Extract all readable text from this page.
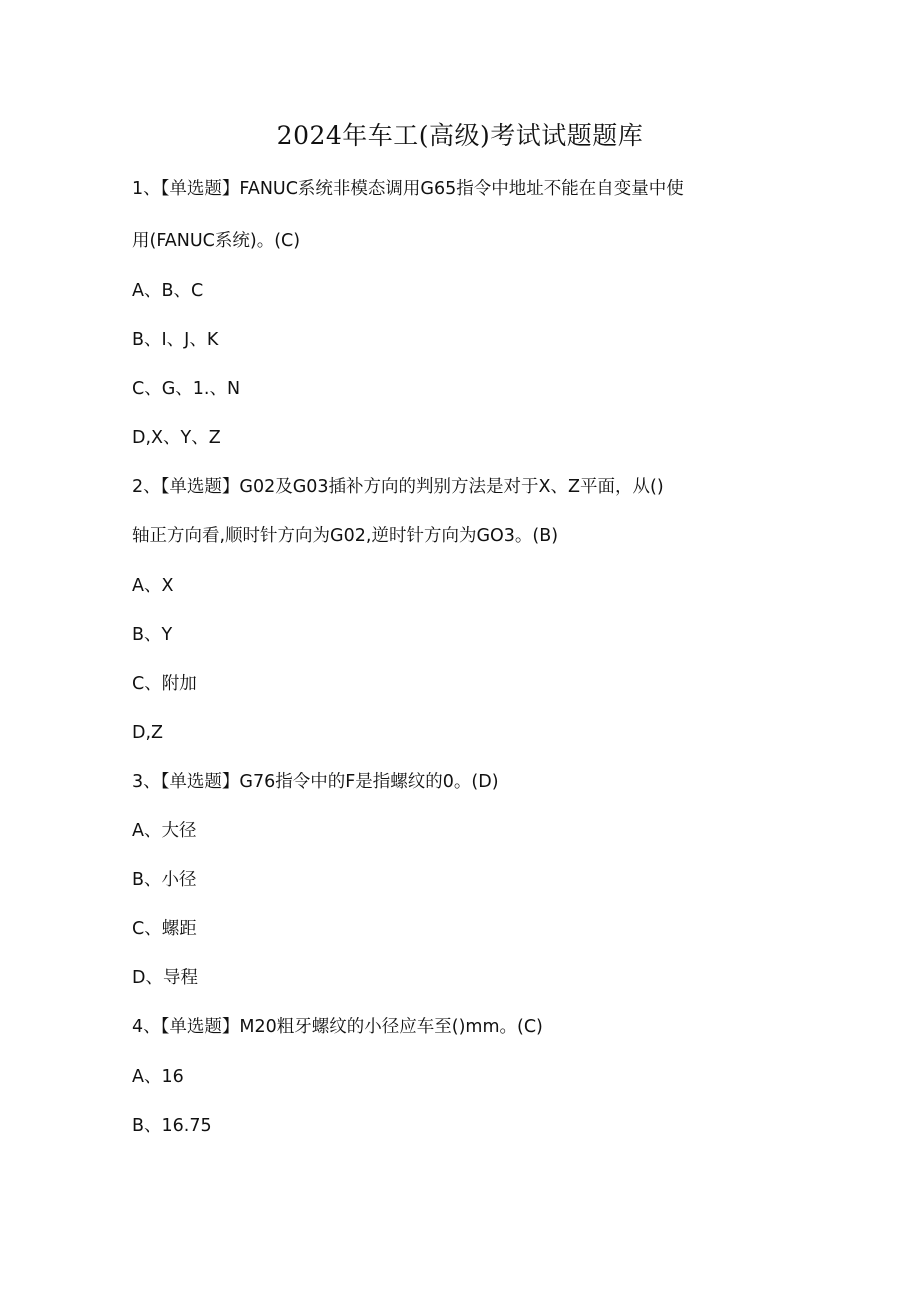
2024年车工(高级)考试试题题库
1、【单选题】FANUC系统非模态调用G65指令中地址不能在自变量中使
用(FANUC系统)。(C)
A、B、C
B、I、J、K
C、G、1.、N
D,X、Y、Z
2、【单选题】G02及G03插补方向的判别方法是对于X、Z平面，从()
轴正方向看,顺时针方向为G02,逆时针方向为GO3。(B)
A、X
B、Y
C、附加
D,Z
3、【单选题】G76指令中的F是指螺纹的0。(D)
A、大径
B、小径
C、螺距
D、导程
4、【单选题】M20粗牙螺纹的小径应车至()mm。(C)
A、16
B、16.75
